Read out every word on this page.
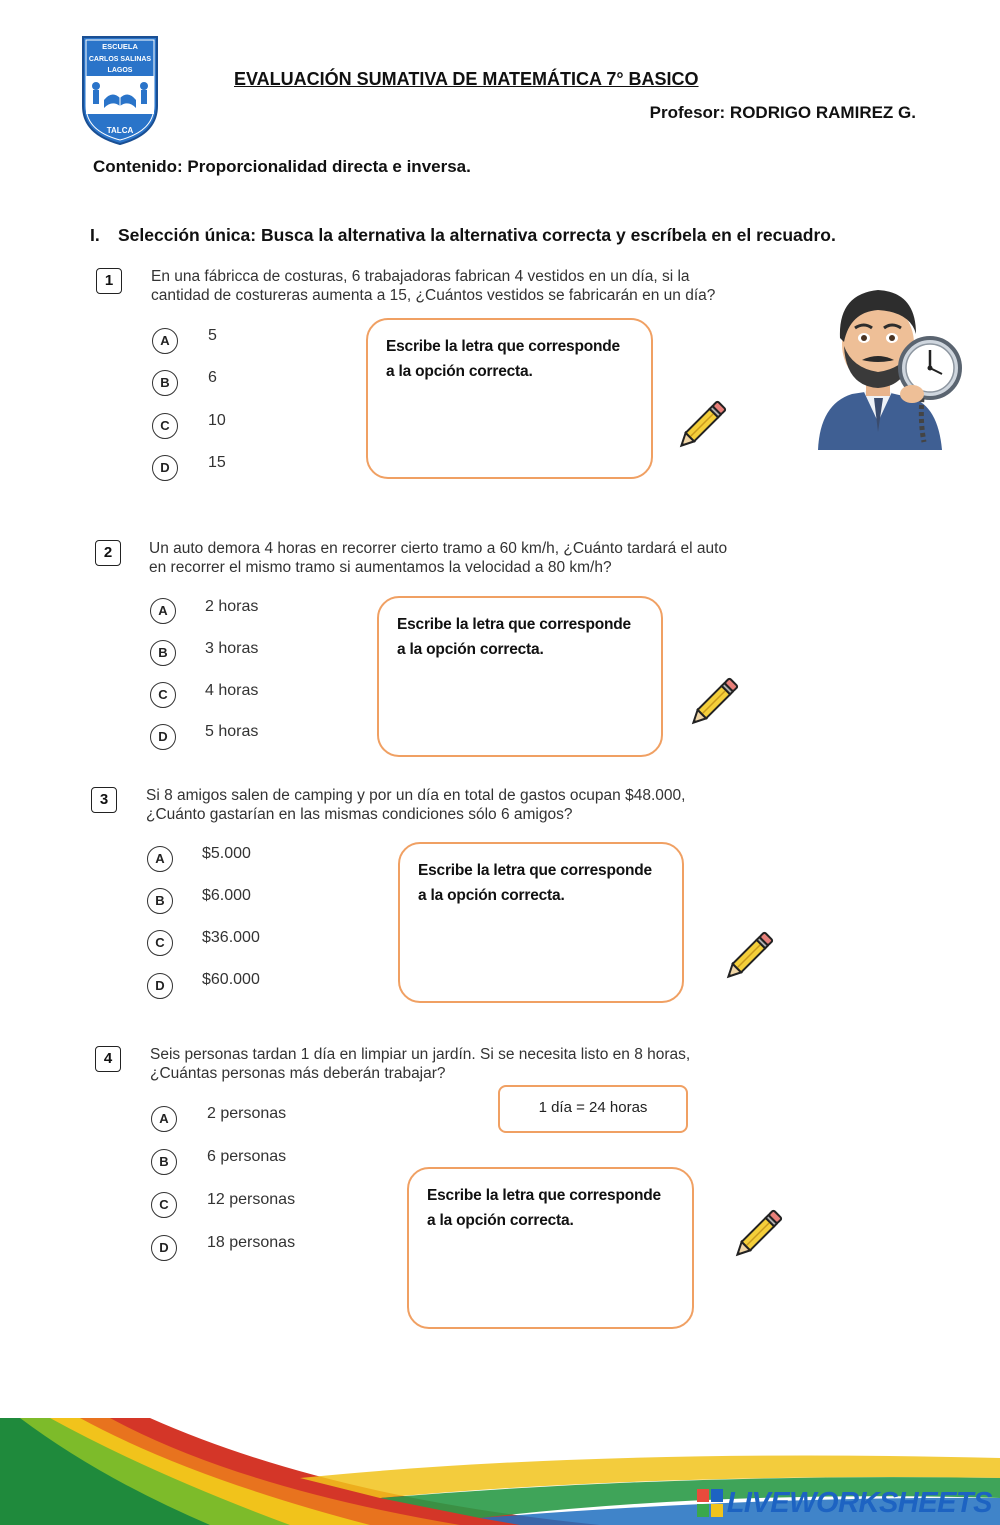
ESCUELA
CARLOS SALINAS
LAGOS
TALCA
EVALUACIÓN SUMATIVA DE MATEMÁTICA 7° BASICO
Profesor: RODRIGO RAMIREZ G.
Contenido: Proporcionalidad directa e inversa.
I. Selección única: Busca la alternativa la alternativa correcta y escríbela en el recuadro.
1	En una fábricca de costuras, 6 trabajadoras fabrican 4 vestidos en un día, si la
cantidad de costureras aumenta a 15, ¿Cuántos vestidos se fabricarán en un día?
A	5
B	6
C	10
D	15
Escribe la letra que corresponde
a la opción correcta.
2	Un auto demora 4 horas en recorrer cierto tramo a 60 km/h, ¿Cuánto tardará el auto
en recorrer el mismo tramo si aumentamos la velocidad a 80 km/h?
A	2 horas
B	3 horas
C	4 horas
D	5 horas
Escribe la letra que corresponde
a la opción correcta.
3	Si 8 amigos salen de camping y por un día en total de gastos ocupan $48.000,
¿Cuánto gastarían en las mismas condiciones sólo 6 amigos?
A	$5.000
B	$6.000
C	$36.000
D	$60.000
Escribe la letra que corresponde
a la opción correcta.
4	Seis personas tardan 1 día en limpiar un jardín. Si se necesita listo en 8 horas,
¿Cuántas personas más deberán trabajar?
1 día = 24 horas
A	2 personas
B	6 personas
C	12 personas
D	18 personas
Escribe la letra que corresponde
a la opción correcta.
LIVEWORKSHEETS
